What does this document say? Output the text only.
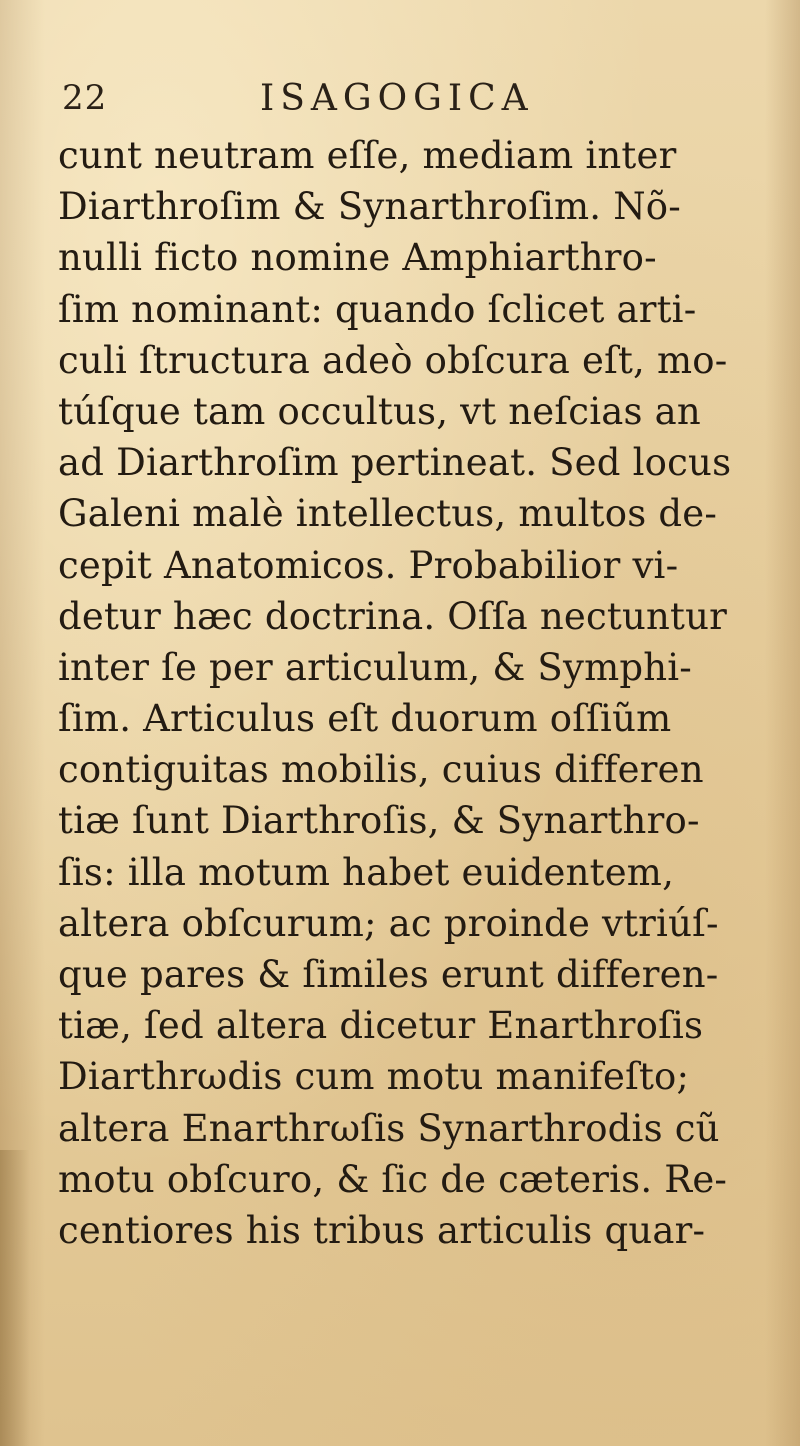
22	ISAGOGICA
cunt neutram eſſe, mediam inter
Diarthroſim & Synarthroſim. Nõ-
nulli ficto nomine Amphiarthro-
ſim nominant: quando ſclicet arti-
culi ſtructura adeò obſcura eſt, mo-
túſque tam occultus, vt neſcias an
ad Diarthroſim pertineat. Sed locus
Galeni malè intellectus, multos de-
cepit Anatomicos. Probabilior vi-
detur hæc doctrina. Oſſa nectuntur
inter ſe per articulum, & Symphi-
ſim. Articulus eſt duorum oſſiũm
contiguitas mobilis, cuius differen
tiæ ſunt Diarthroſis, & Synarthro-
ſis: illa motum habet euidentem,
altera obſcurum; ac proinde vtriúſ-
que pares & ſimiles erunt differen-
tiæ, ſed altera dicetur Enarthroſis
Diarthrωdis cum motu manifeſto;
altera Enarthrωſis Synarthrodis cũ
motu obſcuro, & ſic de cæteris. Re-
centiores his tribus articulis quar-
